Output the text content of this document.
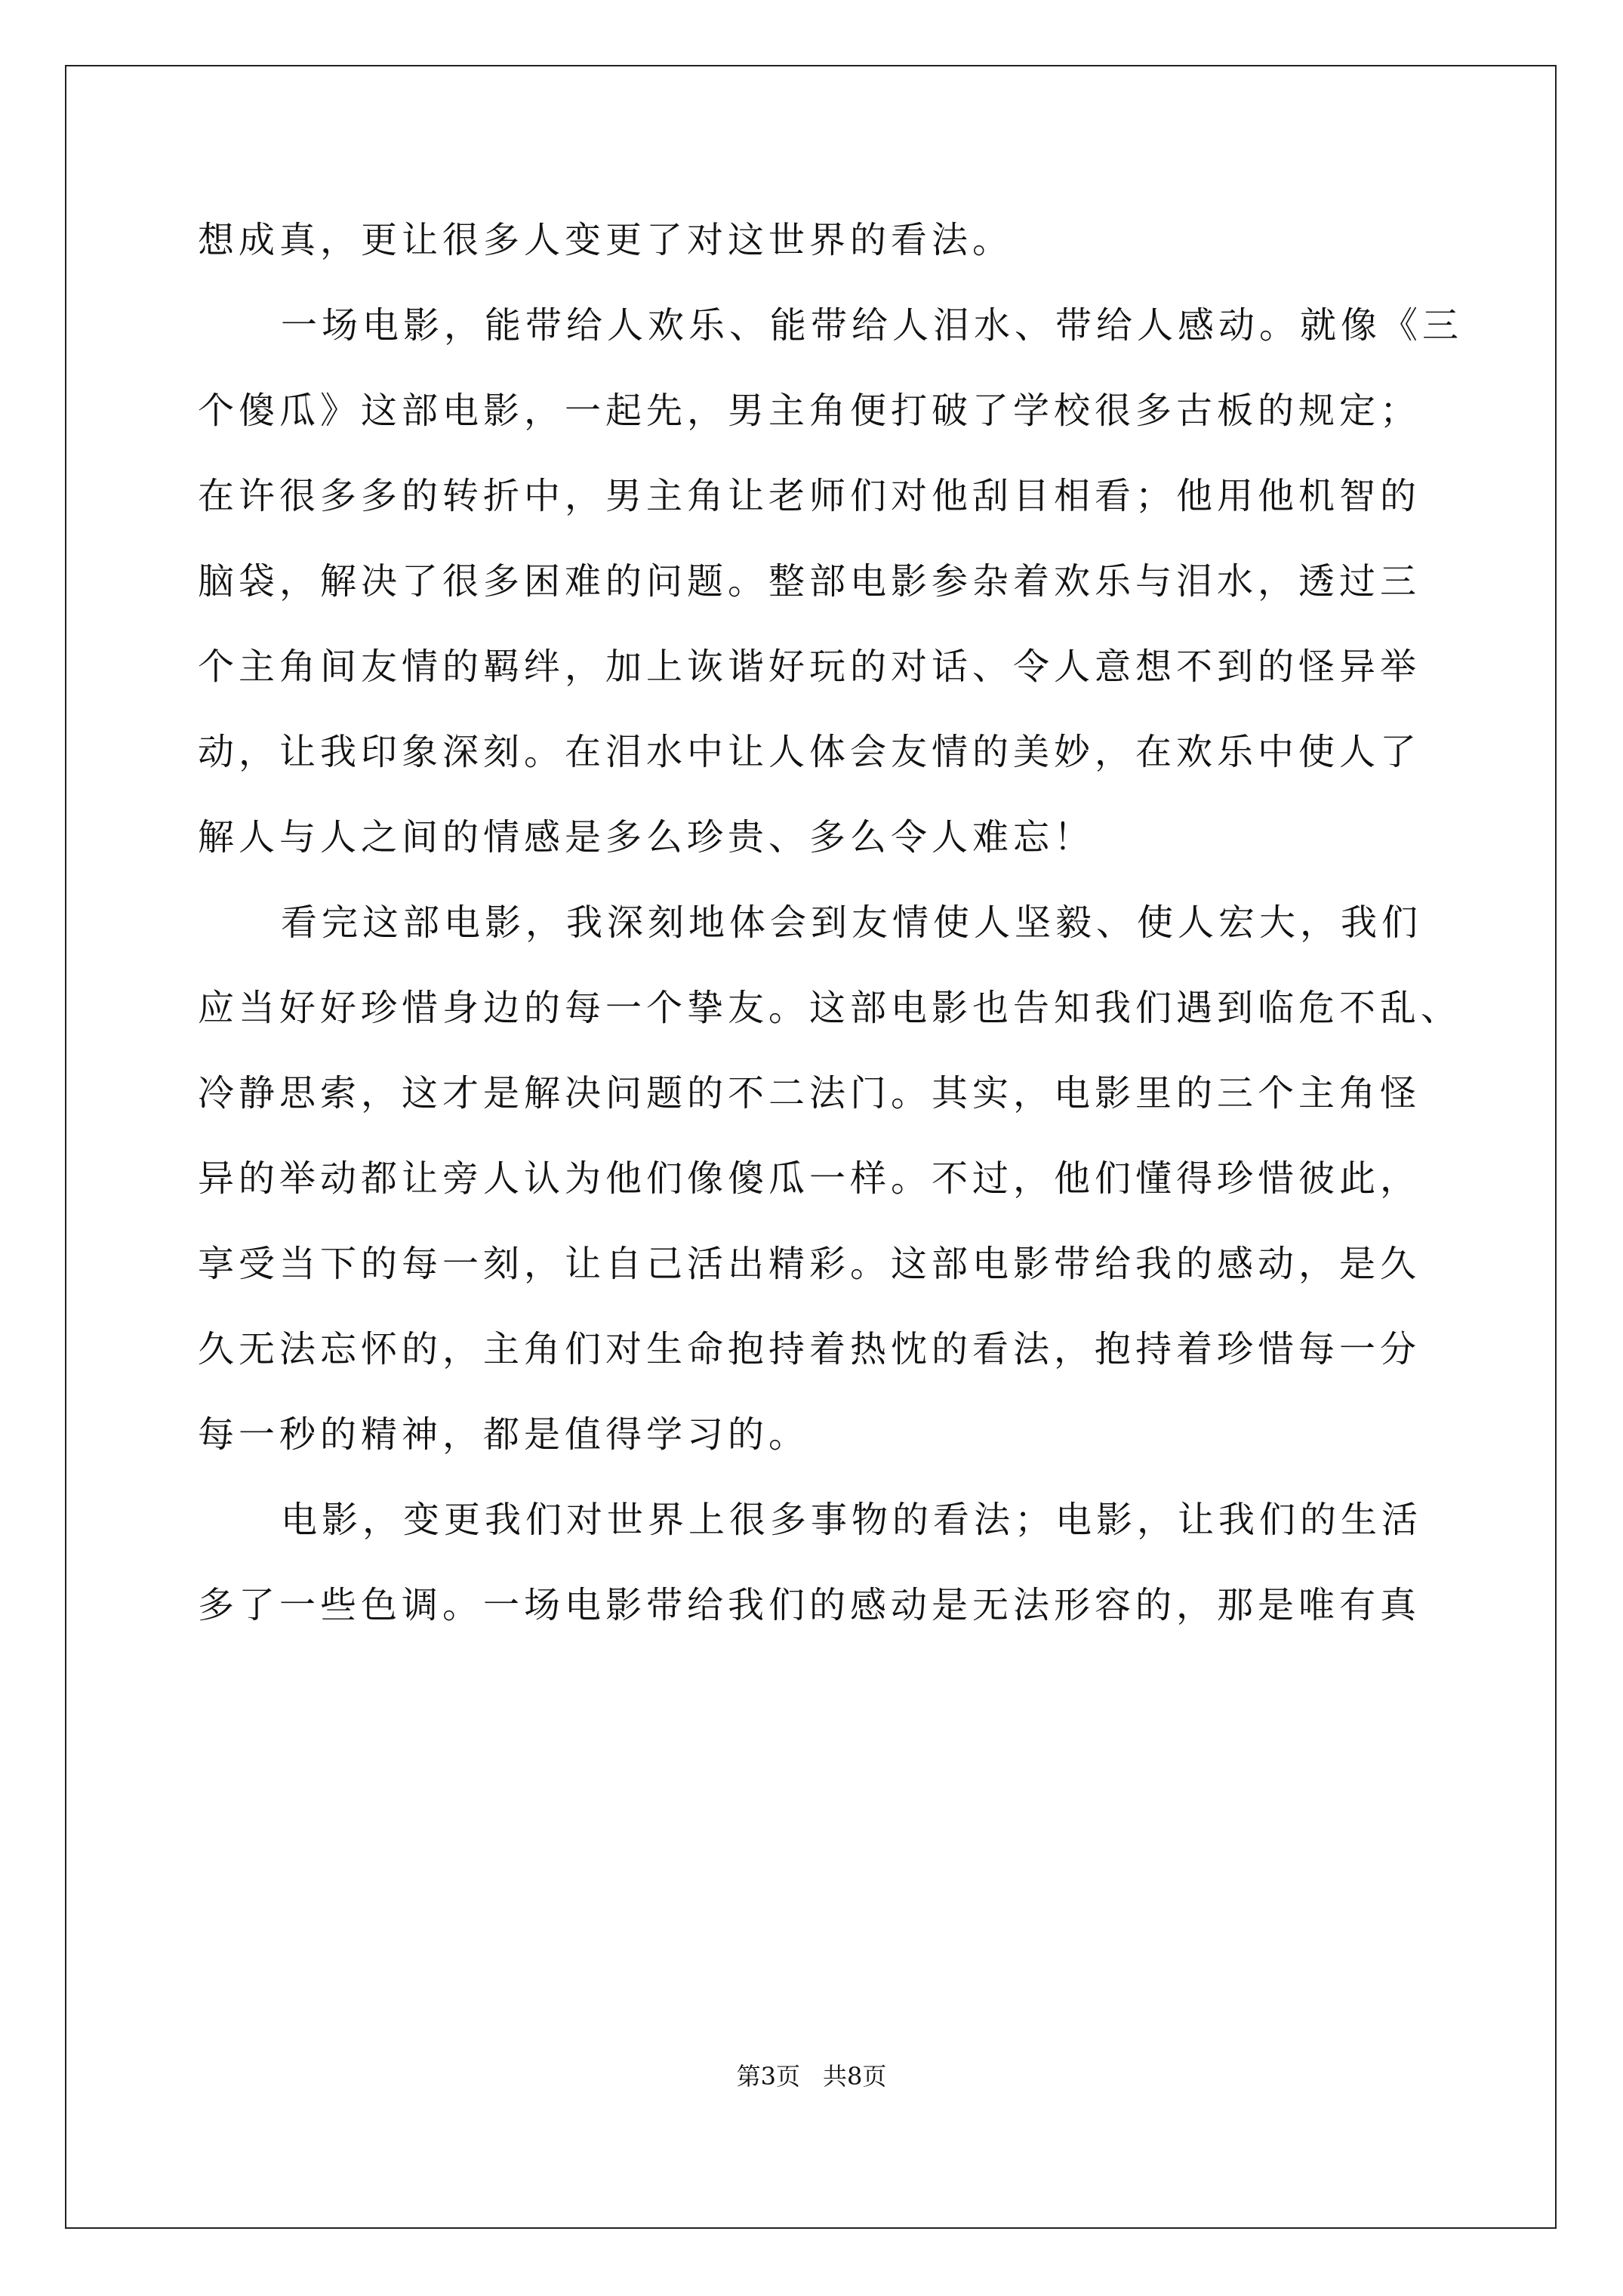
想成真，更让很多人变更了对这世界的看法。
一场电影，能带给人欢乐、能带给人泪水、带给人感动。就像《三
个傻瓜》这部电影，一起先，男主角便打破了学校很多古板的规定；
在许很多多的转折中，男主角让老师们对他刮目相看；他用他机智的
脑袋，解决了很多困难的问题。整部电影参杂着欢乐与泪水，透过三
个主角间友情的羁绊，加上诙谐好玩的对话、令人意想不到的怪异举
动，让我印象深刻。在泪水中让人体会友情的美妙，在欢乐中使人了
解人与人之间的情感是多么珍贵、多么令人难忘！
看完这部电影，我深刻地体会到友情使人坚毅、使人宏大，我们
应当好好珍惜身边的每一个挚友。这部电影也告知我们遇到临危不乱、
冷静思索，这才是解决问题的不二法门。其实，电影里的三个主角怪
异的举动都让旁人认为他们像傻瓜一样。不过，他们懂得珍惜彼此，
享受当下的每一刻，让自己活出精彩。这部电影带给我的感动，是久
久无法忘怀的，主角们对生命抱持着热忱的看法，抱持着珍惜每一分
每一秒的精神，都是值得学习的。
电影，变更我们对世界上很多事物的看法；电影，让我们的生活
多了一些色调。一场电影带给我们的感动是无法形容的，那是唯有真
第3页 共8页
